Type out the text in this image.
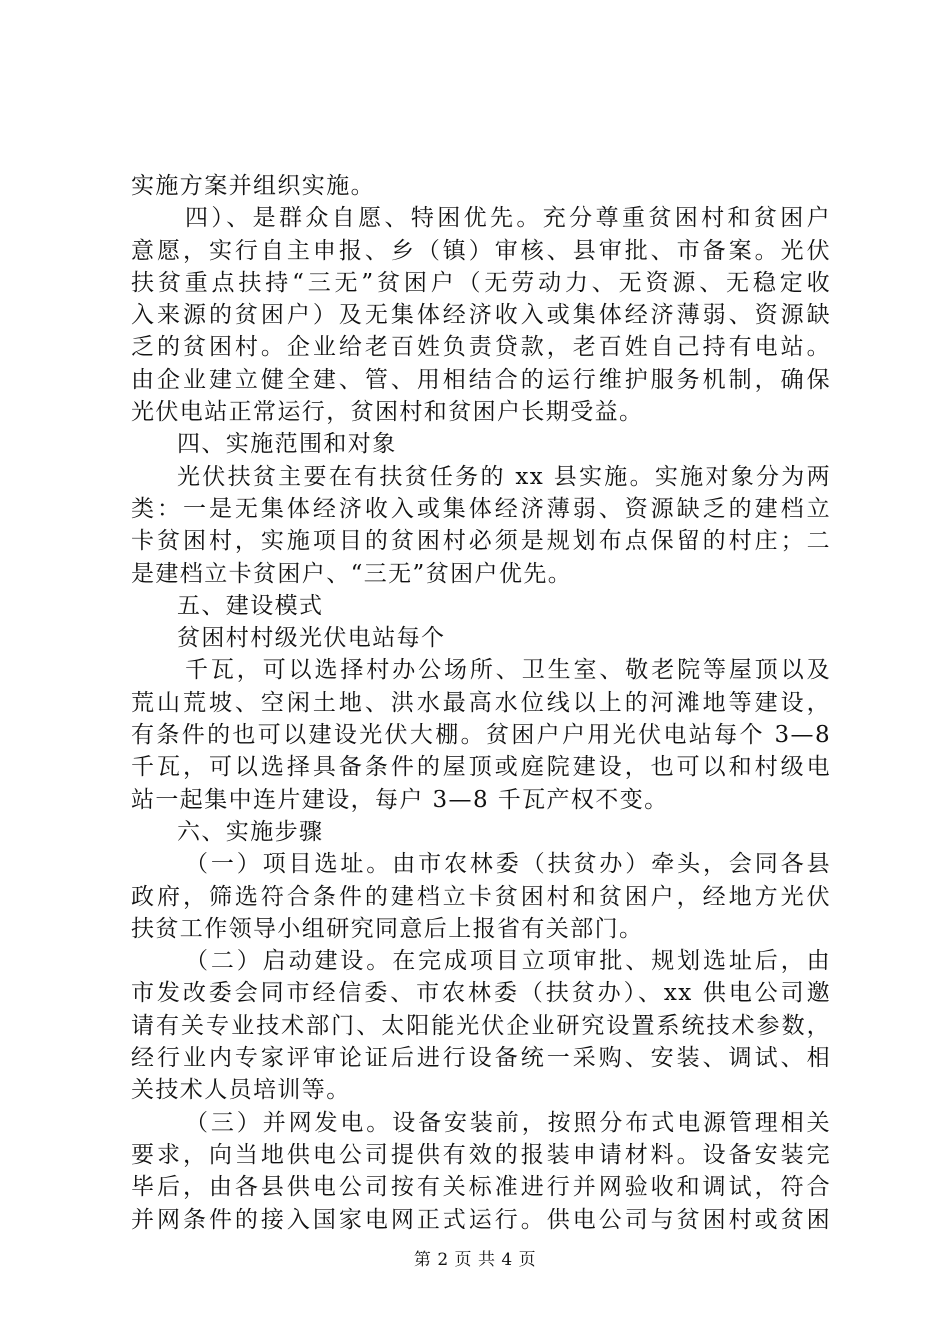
实施方案并组织实施。
四）、是群众自愿、特困优先。充分尊重贫困村和贫困户
意愿，实行自主申报、乡（镇）审核、县审批、市备案。光伏
扶贫重点扶持“三无”贫困户（无劳动力、无资源、无稳定收
入来源的贫困户）及无集体经济收入或集体经济薄弱、资源缺
乏的贫困村。企业给老百姓负责贷款，老百姓自己持有电站。
由企业建立健全建、管、用相结合的运行维护服务机制，确保
光伏电站正常运行，贫困村和贫困户长期受益。
四、实施范围和对象
光伏扶贫主要在有扶贫任务的 xx 县实施。实施对象分为两
类：一是无集体经济收入或集体经济薄弱、资源缺乏的建档立
卡贫困村，实施项目的贫困村必须是规划布点保留的村庄；二
是建档立卡贫困户、“三无”贫困户优先。
五、建设模式
贫困村村级光伏电站每个
千瓦，可以选择村办公场所、卫生室、敬老院等屋顶以及
荒山荒坡、空闲土地、洪水最高水位线以上的河滩地等建设，
有条件的也可以建设光伏大棚。贫困户户用光伏电站每个 3—8
千瓦，可以选择具备条件的屋顶或庭院建设，也可以和村级电
站一起集中连片建设，每户 3—8 千瓦产权不变。
六、实施步骤
（一）项目选址。由市农林委（扶贫办）牵头，会同各县
政府，筛选符合条件的建档立卡贫困村和贫困户，经地方光伏
扶贫工作领导小组研究同意后上报省有关部门。
（二）启动建设。在完成项目立项审批、规划选址后，由
市发改委会同市经信委、市农林委（扶贫办）、xx 供电公司邀
请有关专业技术部门、太阳能光伏企业研究设置系统技术参数，
经行业内专家评审论证后进行设备统一采购、安装、调试、相
关技术人员培训等。
（三）并网发电。设备安装前，按照分布式电源管理相关
要求，向当地供电公司提供有效的报装申请材料。设备安装完
毕后，由各县供电公司按有关标准进行并网验收和调试，符合
并网条件的接入国家电网正式运行。供电公司与贫困村或贫困
第 2 页 共 4 页
